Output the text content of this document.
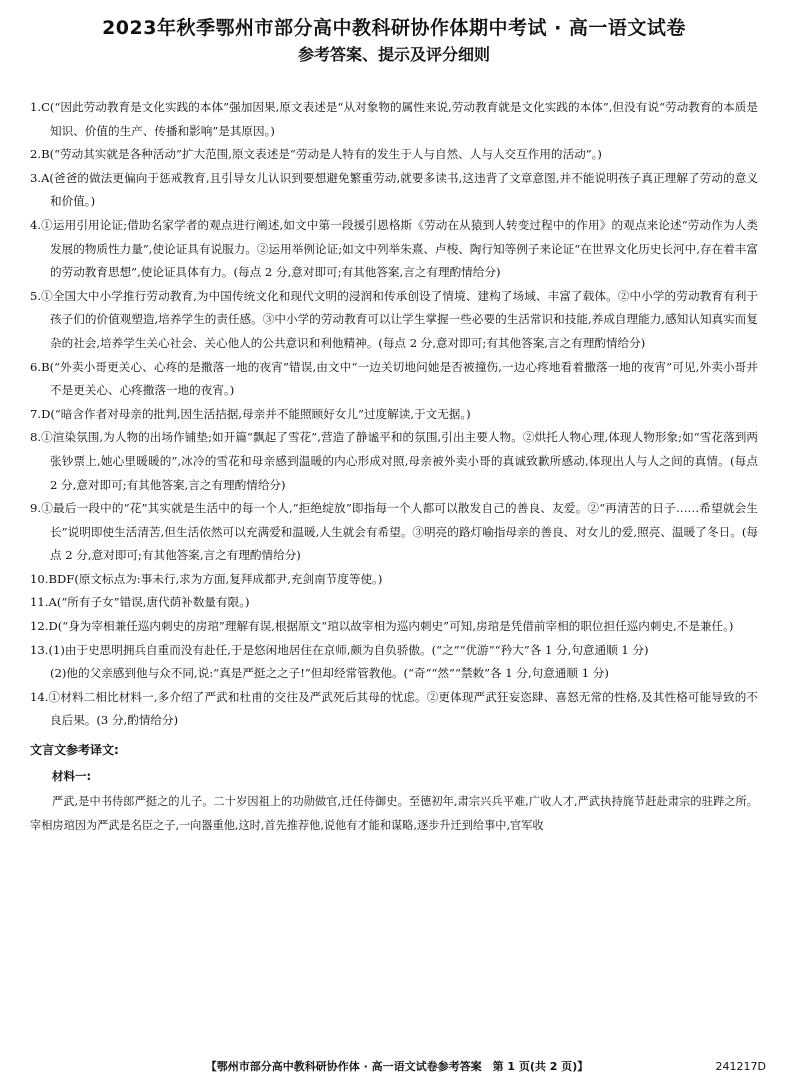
2023年秋季鄂州市部分高中教科研协作体期中考试 · 高一语文试卷
参考答案、提示及评分细则

1.C(“因此劳动教育是文化实践的本体”强加因果,原文表述是“从对象物的属性来说,劳动教育就是文化实践的本体”,但没有说“劳动教育的本质是知识、价值的生产、传播和影响”是其原因。)

2.B(“劳动其实就是各种活动”扩大范围,原文表述是“劳动是人特有的发生于人与自然、人与人交互作用的活动”。)

3.A(爸爸的做法更偏向于惩戒教育,且引导女儿认识到要想避免繁重劳动,就要多读书,这违背了文章意图,并不能说明孩子真正理解了劳动的意义和价值。)

4.①运用引用论证;借助名家学者的观点进行阐述,如文中第一段援引恩格斯《劳动在从猿到人转变过程中的作用》的观点来论述“劳动作为人类发展的物质性力量”,使论证具有说服力。②运用举例论证;如文中列举朱熹、卢梭、陶行知等例子来论证“在世界文化历史长河中,存在着丰富的劳动教育思想”,使论证具体有力。(每点 2 分,意对即可;有其他答案,言之有理酌情给分)

5.①全国大中小学推行劳动教育,为中国传统文化和现代文明的浸润和传承创设了情境、建构了场域、丰富了载体。②中小学的劳动教育有利于孩子们的价值观塑造,培养学生的责任感。③中小学的劳动教育可以让学生掌握一些必要的生活常识和技能,养成自理能力,感知认知真实而复杂的社会,培养学生关心社会、关心他人的公共意识和利他精神。(每点 2 分,意对即可;有其他答案,言之有理酌情给分)

6.B(“外卖小哥更关心、心疼的是撒落一地的夜宵”错误,由文中“一边关切地问她是否被撞伤,一边心疼地看着撒落一地的夜宵”可见,外卖小哥并不是更关心、心疼撒落一地的夜宵。)

7.D(“暗含作者对母亲的批判,因生活拮据,母亲并不能照顾好女儿”过度解读,于文无据。)

8.①渲染氛围,为人物的出场作铺垫;如开篇“飘起了雪花”,营造了静谧平和的氛围,引出主要人物。②烘托人物心理,体现人物形象;如“雪花落到两张钞票上,她心里暖暖的”,冰冷的雪花和母亲感到温暖的内心形成对照,母亲被外卖小哥的真诚致歉所感动,体现出人与人之间的真情。(每点 2 分,意对即可;有其他答案,言之有理酌情给分)

9.①最后一段中的“花”其实就是生活中的每一个人,“拒绝绽放”即指每一个人都可以散发自己的善良、友爱。②“再清苦的日子……希望就会生长”说明即使生活清苦,但生活依然可以充满爱和温暖,人生就会有希望。③明亮的路灯喻指母亲的善良、对女儿的爱,照亮、温暖了冬日。(每点 2 分,意对即可;有其他答案,言之有理酌情给分)

10.BDF(原文标点为:事未行,求为方面,复拜成都尹,充剑南节度等使。)

11.A(“所有子女”错误,唐代荫补数量有限。)

12.D(“身为宰相兼任巡内刺史的房琯”理解有误,根据原文“琯以故宰相为巡内刺史”可知,房琯是凭借前宰相的职位担任巡内刺史,不是兼任。)

13.(1)由于史思明拥兵自重而没有赴任,于是悠闲地居住在京师,颇为自负骄傲。(“之”“优游”“矜大”各 1 分,句意通顺 1 分)

(2)他的父亲感到他与众不同,说:“真是严挺之之子!”但却经常管教他。(“奇”“然”“禁敕”各 1 分,句意通顺 1 分)

14.①材料二相比材料一,多介绍了严武和杜甫的交往及严武死后其母的忧虑。②更体现严武狂妄恣肆、喜怒无常的性格,及其性格可能导致的不良后果。(3 分,酌情给分)

文言文参考译文:
材料一:

严武,是中书侍郎严挺之的儿子。二十岁因祖上的功勋做官,迁任侍御史。至德初年,肃宗兴兵平难,广收人才,严武执持旄节赶赴肃宗的驻跸之所。宰相房琯因为严武是名臣之子,一向器重他,这时,首先推荐他,说他有才能和谋略,逐步升迁到给事中,官军收

【鄂州市部分高中教科研协作体 · 高一语文试卷参考答案　第 1 页(共 2 页)】	241217D
